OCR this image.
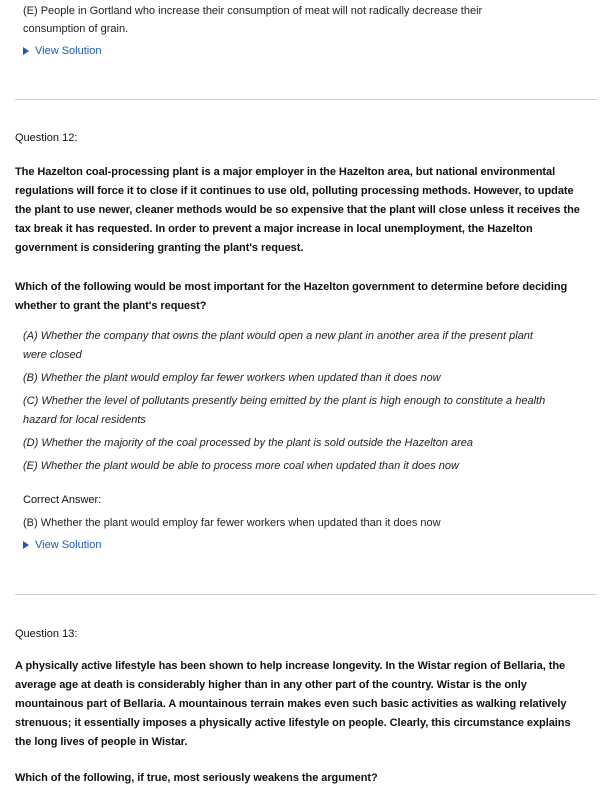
(E) People in Gortland who increase their consumption of meat will not radically decrease their
consumption of grain.
View Solution
Question 12:
The Hazelton coal-processing plant is a major employer in the Hazelton area, but national environmental
regulations will force it to close if it continues to use old, polluting processing methods. However, to update
the plant to use newer, cleaner methods would be so expensive that the plant will close unless it receives the
tax break it has requested. In order to prevent a major increase in local unemployment, the Hazelton
government is considering granting the plant's request.
Which of the following would be most important for the Hazelton government to determine before deciding
whether to grant the plant's request?
(A) Whether the company that owns the plant would open a new plant in another area if the present plant
were closed
(B) Whether the plant would employ far fewer workers when updated than it does now
(C) Whether the level of pollutants presently being emitted by the plant is high enough to constitute a health
hazard for local residents
(D) Whether the majority of the coal processed by the plant is sold outside the Hazelton area
(E) Whether the plant would be able to process more coal when updated than it does now
Correct Answer:
(B) Whether the plant would employ far fewer workers when updated than it does now
View Solution
Question 13:
A physically active lifestyle has been shown to help increase longevity. In the Wistar region of Bellaria, the
average age at death is considerably higher than in any other part of the country. Wistar is the only
mountainous part of Bellaria. A mountainous terrain makes even such basic activities as walking relatively
strenuous; it essentially imposes a physically active lifestyle on people. Clearly, this circumstance explains
the long lives of people in Wistar.
Which of the following, if true, most seriously weakens the argument?
